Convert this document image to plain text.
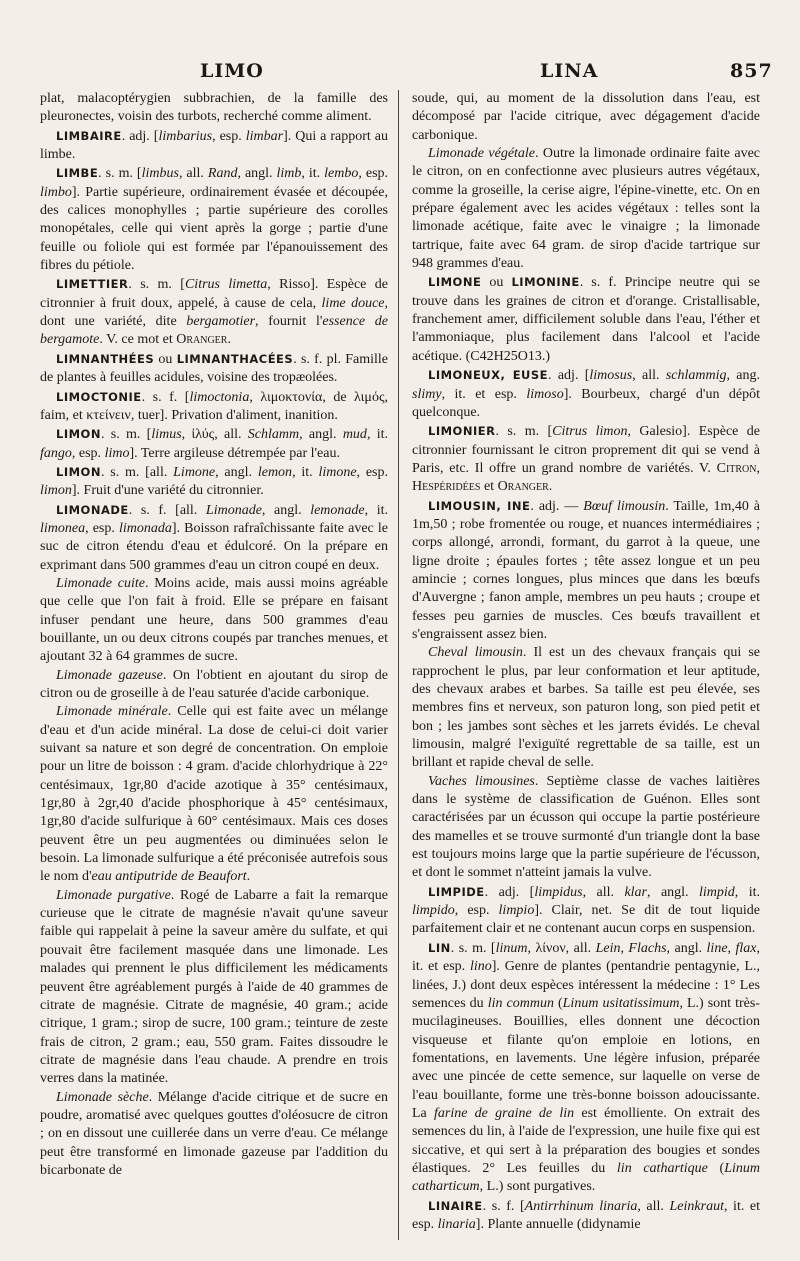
LIMO	LINA	857

plat, malacoptérygien subbrachien, de la famille des pleuronectes, voisin des turbots, recherché comme aliment.

LIMBAIRE. adj. [limbarius, esp. limbar]. Qui a rapport au limbe.

LIMBE. s. m. [limbus, all. Rand, angl. limb, it. lembo, esp. limbo]. Partie supérieure, ordinairement évasée et découpée, des calices monophylles ; partie supérieure des corolles monopétales, celle qui vient après la gorge ; partie d'une feuille ou foliole qui est formée par l'épanouissement des fibres du pétiole.

LIMETTIER. s. m. [Citrus limetta, Risso]. Espèce de citronnier à fruit doux, appelé, à cause de cela, lime douce, dont une variété, dite bergamotier, fournit l'essence de bergamote. V. ce mot et Oranger.

LIMNANTHÉES ou LIMNANTHACÉES. s. f. pl. Famille de plantes à feuilles acidules, voisine des tropæolées.

LIMOCTONIE. s. f. [limoctonia, λιμοκτονία, de λιμός, faim, et κτείνειν, tuer]. Privation d'aliment, inanition.

LIMON. s. m. [limus, ἰλύς, all. Schlamm, angl. mud, it. fango, esp. limo]. Terre argileuse détrempée par l'eau.

LIMON. s. m. [all. Limone, angl. lemon, it. limone, esp. limon]. Fruit d'une variété du citronnier.

LIMONADE. s. f. [all. Limonade, angl. lemonade, it. limonea, esp. limonada]. Boisson rafraîchissante faite avec le suc de citron étendu d'eau et édulcoré. On la prépare en exprimant dans 500 grammes d'eau un citron coupé en deux.

Limonade cuite. Moins acide, mais aussi moins agréable que celle que l'on fait à froid. Elle se prépare en faisant infuser pendant une heure, dans 500 grammes d'eau bouillante, un ou deux citrons coupés par tranches menues, et ajoutant 32 à 64 grammes de sucre.

Limonade gazeuse. On l'obtient en ajoutant du sirop de citron ou de groseille à de l'eau saturée d'acide carbonique.

Limonade minérale. Celle qui est faite avec un mélange d'eau et d'un acide minéral. La dose de celui-ci doit varier suivant sa nature et son degré de concentration. On emploie pour un litre de boisson : 4 gram. d'acide chlorhydrique à 22° centésimaux, 1gr,80 d'acide azotique à 35° centésimaux, 1gr,80 à 2gr,40 d'acide phosphorique à 45° centésimaux, 1gr,80 d'acide sulfurique à 60° centésimaux. Mais ces doses peuvent être un peu augmentées ou diminuées selon le besoin. La limonade sulfurique a été préconisée autrefois sous le nom d'eau antiputride de Beaufort.

Limonade purgative. Rogé de Labarre a fait la remarque curieuse que le citrate de magnésie n'avait qu'une saveur faible qui rappelait à peine la saveur amère du sulfate, et qui pouvait être facilement masquée dans une limonade. Les malades qui prennent le plus difficilement les médicaments peuvent être agréablement purgés à l'aide de 40 grammes de citrate de magnésie. Citrate de magnésie, 40 gram.; acide citrique, 1 gram.; sirop de sucre, 100 gram.; teinture de zeste frais de citron, 2 gram.; eau, 550 gram. Faites dissoudre le citrate de magnésie dans l'eau chaude. A prendre en trois verres dans la matinée.

Limonade sèche. Mélange d'acide citrique et de sucre en poudre, aromatisé avec quelques gouttes d'oléosucre de citron ; on en dissout une cuillerée dans un verre d'eau. Ce mélange peut être transformé en limonade gazeuse par l'addition du bicarbonate de

soude, qui, au moment de la dissolution dans l'eau, est décomposé par l'acide citrique, avec dégagement d'acide carbonique.

Limonade végétale. Outre la limonade ordinaire faite avec le citron, on en confectionne avec plusieurs autres végétaux, comme la groseille, la cerise aigre, l'épine-vinette, etc. On en prépare également avec les acides végétaux : telles sont la limonade acétique, faite avec le vinaigre ; la limonade tartrique, faite avec 64 gram. de sirop d'acide tartrique sur 948 grammes d'eau.

LIMONE ou LIMONINE. s. f. Principe neutre qui se trouve dans les graines de citron et d'orange. Cristallisable, franchement amer, difficilement soluble dans l'eau, l'éther et l'ammoniaque, plus facilement dans l'alcool et l'acide acétique. (C42H25O13.)

LIMONEUX, EUSE. adj. [limosus, all. schlammig, ang. slimy, it. et esp. limoso]. Bourbeux, chargé d'un dépôt quelconque.

LIMONIER. s. m. [Citrus limon, Galesio]. Espèce de citronnier fournissant le citron proprement dit qui se vend à Paris, etc. Il offre un grand nombre de variétés. V. Citron, Hespéridées et Oranger.

LIMOUSIN, INE. adj. — Bœuf limousin. Taille, 1m,40 à 1m,50 ; robe fromentée ou rouge, et nuances intermédiaires ; corps allongé, arrondi, formant, du garrot à la queue, une ligne droite ; épaules fortes ; tête assez longue et un peu amincie ; cornes longues, plus minces que dans les bœufs d'Auvergne ; fanon ample, membres un peu hauts ; croupe et fesses peu garnies de muscles. Ces bœufs travaillent et s'engraissent assez bien.

Cheval limousin. Il est un des chevaux français qui se rapprochent le plus, par leur conformation et leur aptitude, des chevaux arabes et barbes. Sa taille est peu élevée, ses membres fins et nerveux, son paturon long, son pied petit et bon ; les jambes sont sèches et les jarrets évidés. Le cheval limousin, malgré l'exiguïté regrettable de sa taille, est un brillant et rapide cheval de selle.

Vaches limousines. Septième classe de vaches laitières dans le système de classification de Guénon. Elles sont caractérisées par un écusson qui occupe la partie postérieure des mamelles et se trouve surmonté d'un triangle dont la base est toujours moins large que la partie supérieure de l'écusson, et dont le sommet n'atteint jamais la vulve.

LIMPIDE. adj. [limpidus, all. klar, angl. limpid, it. limpido, esp. limpio]. Clair, net. Se dit de tout liquide parfaitement clair et ne contenant aucun corps en suspension.

LIN. s. m. [linum, λίνον, all. Lein, Flachs, angl. line, flax, it. et esp. lino]. Genre de plantes (pentandrie pentagynie, L., linées, J.) dont deux espèces intéressent la médecine : 1° Les semences du lin commun (Linum usitatissimum, L.) sont très-mucilagineuses. Bouillies, elles donnent une décoction visqueuse et filante qu'on emploie en lotions, en fomentations, en lavements. Une légère infusion, préparée avec une pincée de cette semence, sur laquelle on verse de l'eau bouillante, forme une très-bonne boisson adoucissante. La farine de graine de lin est émolliente. On extrait des semences du lin, à l'aide de l'expression, une huile fixe qui est siccative, et qui sert à la préparation des bougies et sondes élastiques. 2° Les feuilles du lin cathartique (Linum catharticum, L.) sont purgatives.

LINAIRE. s. f. [Antirrhinum linaria, all. Leinkraut, it. et esp. linaria]. Plante annuelle (didynamie
